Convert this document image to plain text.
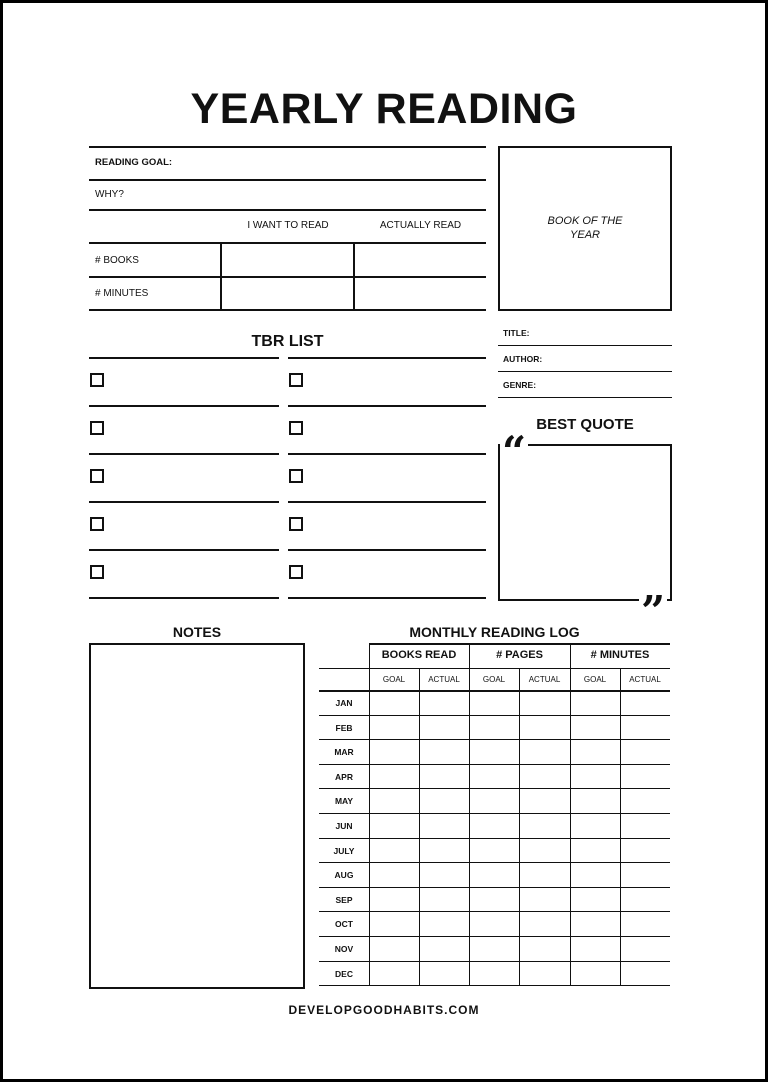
YEARLY READING
READING GOAL:
WHY?
I WANT TO READ	ACTUALLY READ
# BOOKS
# MINUTES
BOOK OF THE
YEAR
TITLE:
AUTHOR:
GENRE:
TBR LIST
BEST QUOTE
“
”
NOTES	MONTHLY READING LOG
BOOKS READ	# PAGES	# MINUTES
GOAL	ACTUAL	GOAL	ACTUAL	GOAL	ACTUAL
JAN
FEB
MAR
APR
MAY
JUN
JULY
AUG
SEP
OCT
NOV
DEC
DEVELOPGOODHABITS.COM
